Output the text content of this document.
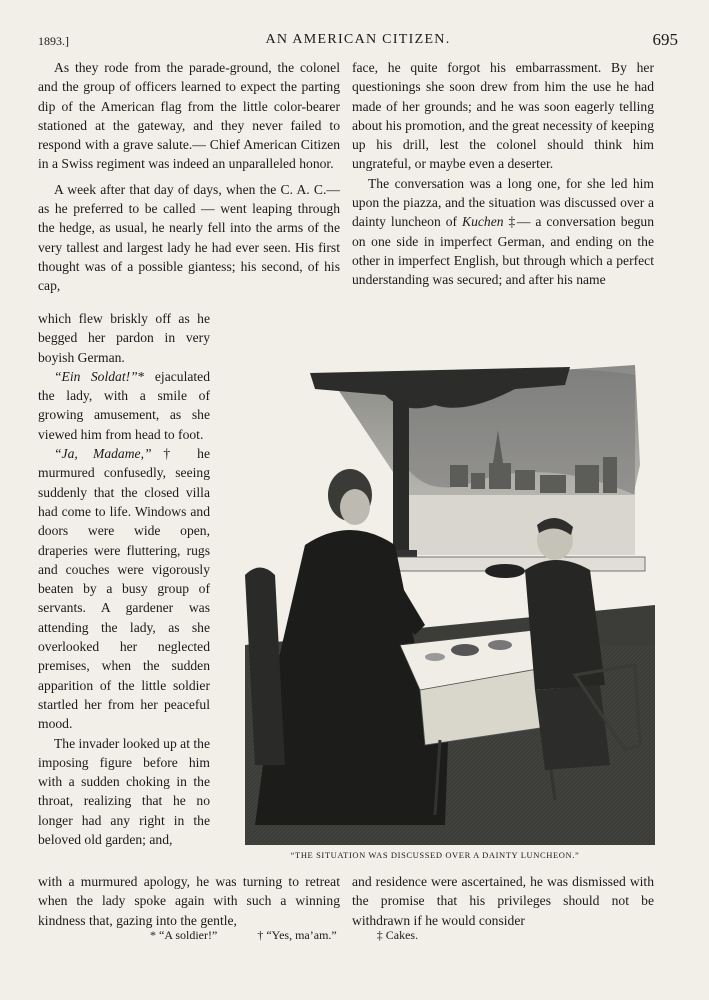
1893.]	AN AMERICAN CITIZEN.	695

As they rode from the parade-ground, the colonel and the group of officers learned to expect the parting dip of the American flag from the little color-bearer stationed at the gateway, and they never failed to respond with a grave salute.— Chief American Citizen in a Swiss regiment was indeed an unparalleled honor.

A week after that day of days, when the C. A. C.—as he preferred to be called — went leaping through the hedge, as usual, he nearly fell into the arms of the very tallest and largest lady he had ever seen. His first thought was of a possible giantess; his second, of his cap,

face, he quite forgot his embarrassment. By her questionings she soon drew from him the use he had made of her grounds; and he was soon eagerly telling about his promotion, and the great necessity of keeping up his drill, lest the colonel should think him ungrateful, or maybe even a deserter.

The conversation was a long one, for she led him upon the piazza, and the situation was discussed over a dainty luncheon of Kuchen ‡— a conversation begun on one side in imperfect German, and ending on the other in imperfect English, but through which a perfect understanding was secured; and after his name

which flew briskly off as he begged her pardon in very boyish German.

“Ein Soldat!”* ejaculated the lady, with a smile of growing amusement, as she viewed him from head to foot.

“Ja, Madame,”† he murmured confusedly, seeing suddenly that the closed villa had come to life. Windows and doors were wide open, draperies were fluttering, rugs and couches were vigorously beaten by a busy group of servants. A gardener was attending the lady, as she overlooked her neglected premises, when the sudden apparition of the little soldier startled her from her peaceful mood.

The invader looked up at the imposing figure before him with a sudden choking in the throat, realizing that he no longer had any right in the beloved old garden; and,

“THE SITUATION WAS DISCUSSED OVER A DAINTY LUNCHEON.”

with a murmured apology, he was turning to retreat when the lady spoke again with such a winning kindness that, gazing into the gentle,

and residence were ascertained, he was dismissed with the promise that his privileges should not be withdrawn if he would consider

* “A soldier!”	† “Yes, ma’am.”	‡ Cakes.
